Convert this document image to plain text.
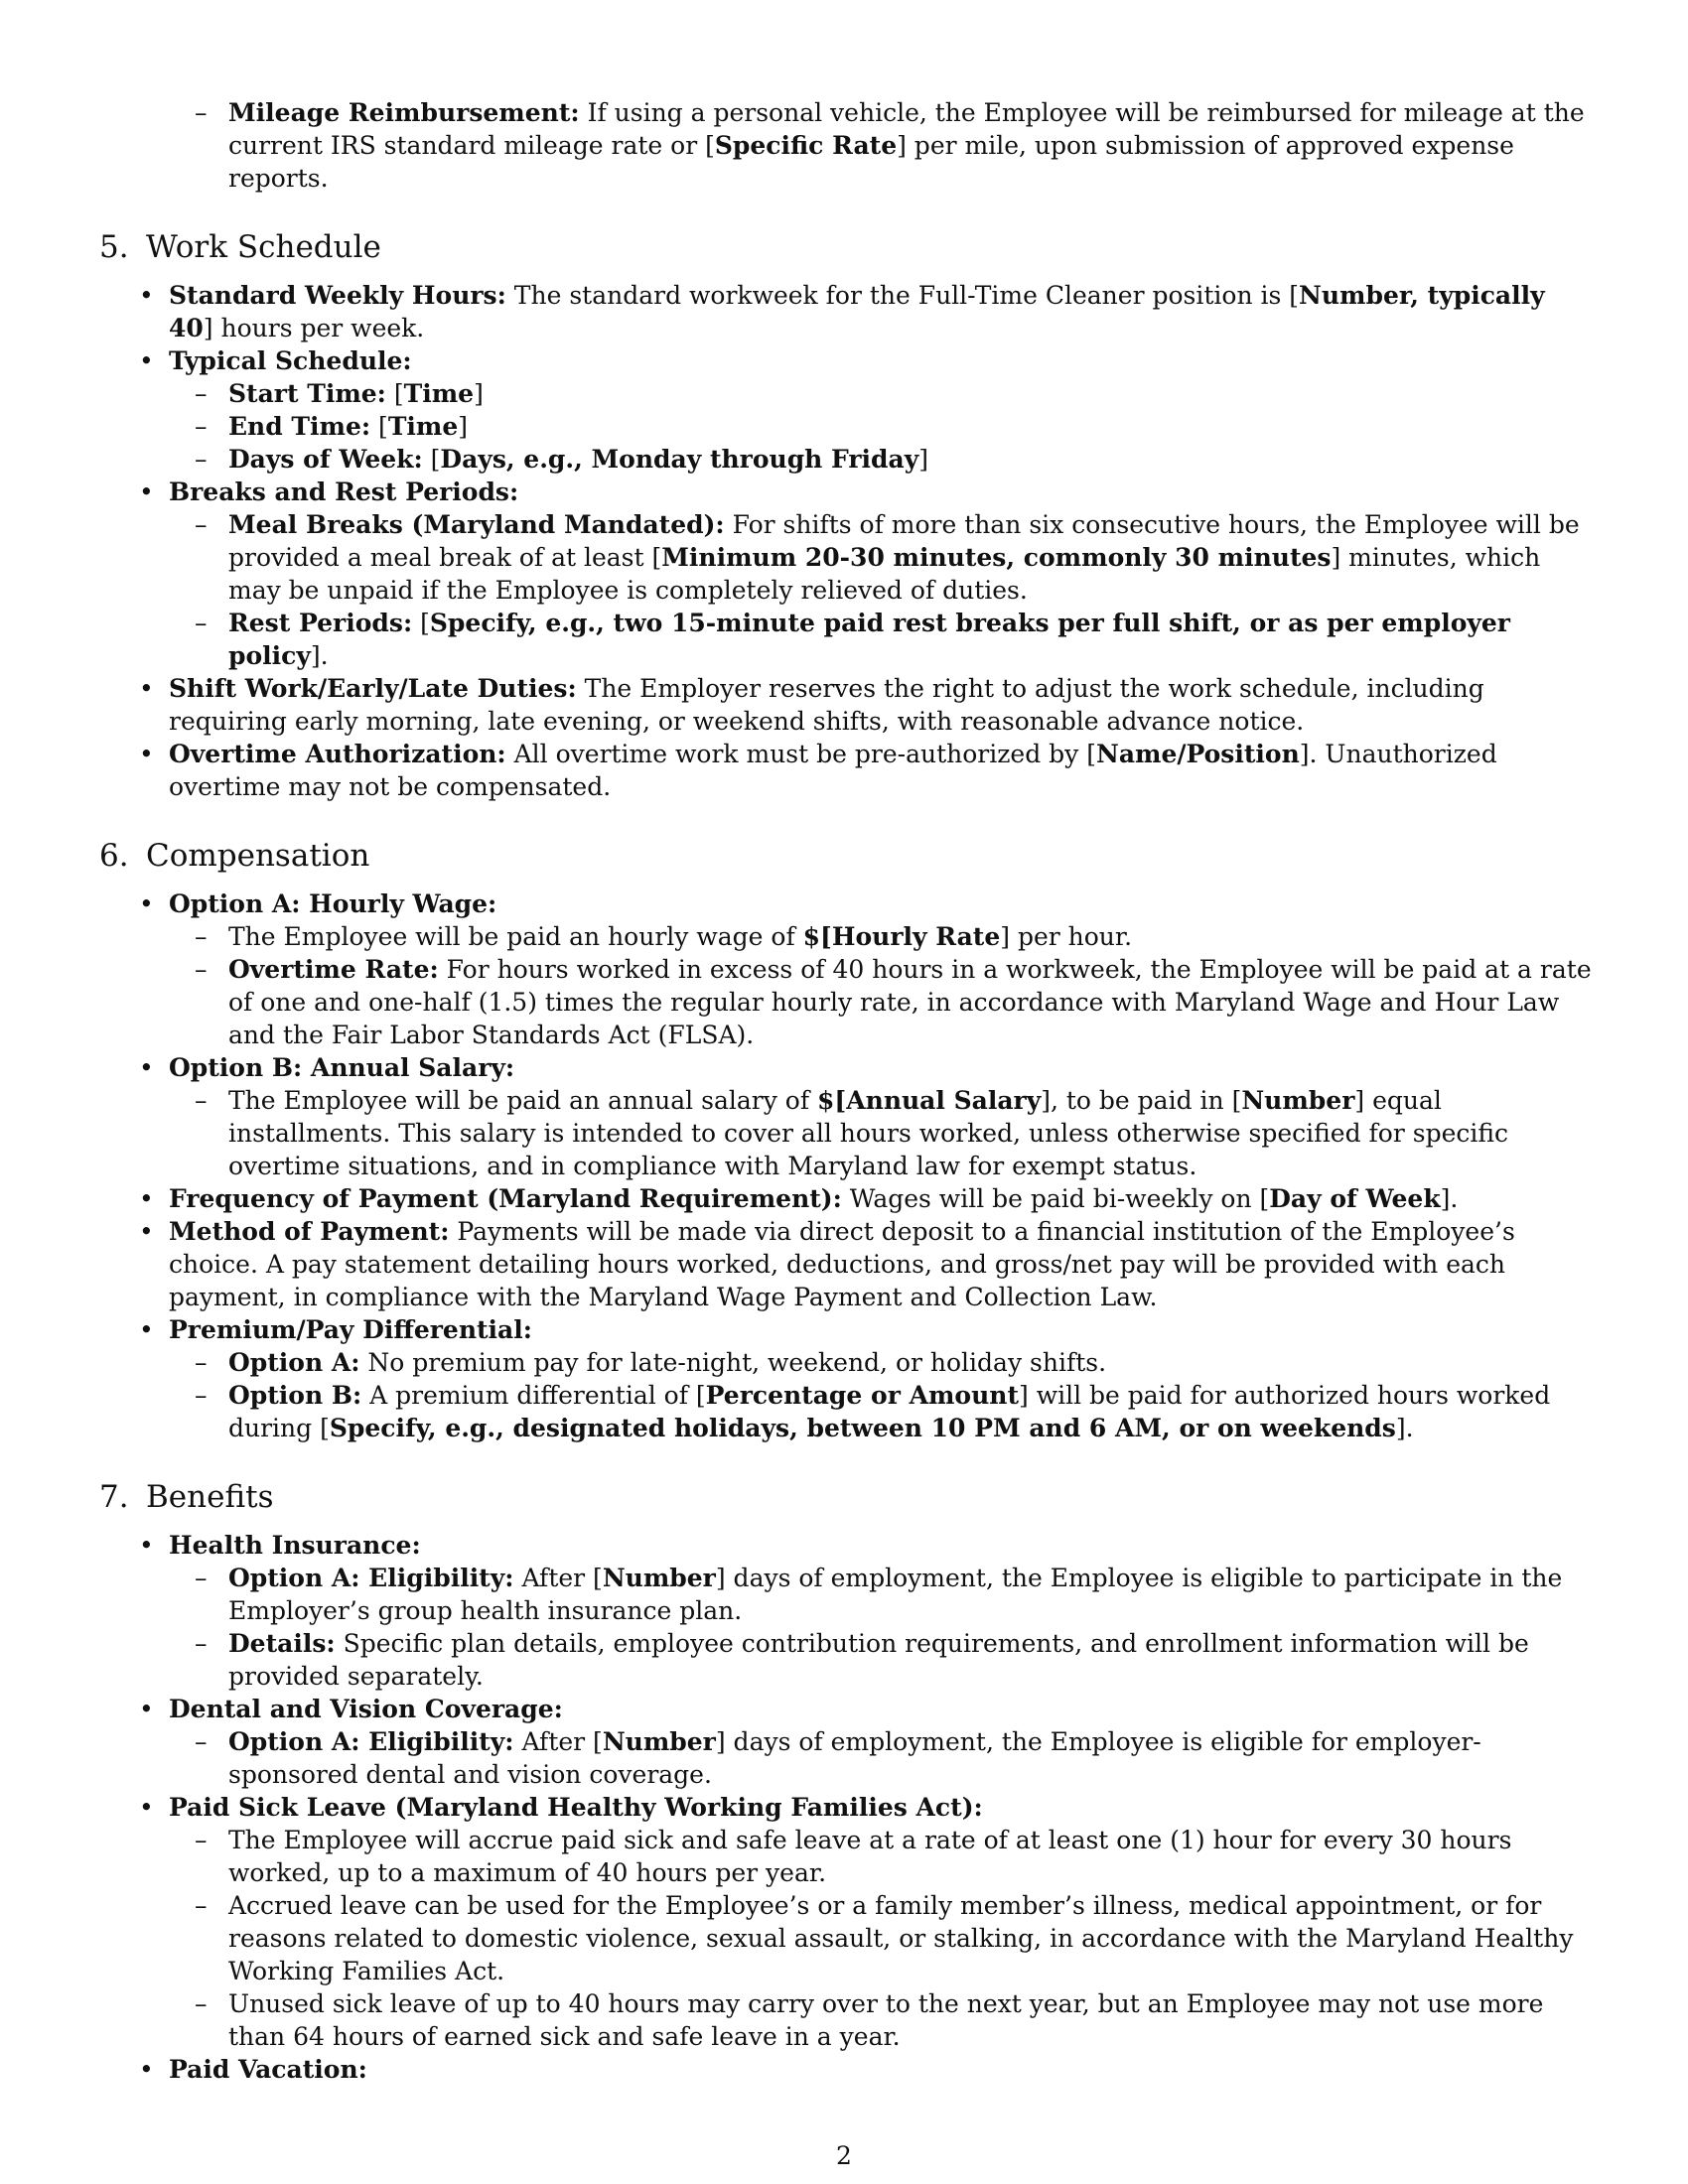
– Mileage Reimbursement: If using a personal vehicle, the Employee will be reimbursed for mileage at the current IRS standard mileage rate or [Specific Rate] per mile, upon submission of approved expense reports.
5. Work Schedule
• Standard Weekly Hours: The standard workweek for the Full-Time Cleaner position is [Number, typically 40] hours per week.
• Typical Schedule:
– Start Time: [Time]
– End Time: [Time]
– Days of Week: [Days, e.g., Monday through Friday]
• Breaks and Rest Periods:
– Meal Breaks (Maryland Mandated): For shifts of more than six consecutive hours, the Employee will be provided a meal break of at least [Minimum 20-30 minutes, commonly 30 minutes] minutes, which may be unpaid if the Employee is completely relieved of duties.
– Rest Periods: [Specify, e.g., two 15-minute paid rest breaks per full shift, or as per employer policy].
• Shift Work/Early/Late Duties: The Employer reserves the right to adjust the work schedule, including requiring early morning, late evening, or weekend shifts, with reasonable advance notice.
• Overtime Authorization: All overtime work must be pre-authorized by [Name/Position]. Unauthorized overtime may not be compensated.
6. Compensation
• Option A: Hourly Wage:
– The Employee will be paid an hourly wage of $[Hourly Rate] per hour.
– Overtime Rate: For hours worked in excess of 40 hours in a workweek, the Employee will be paid at a rate of one and one-half (1.5) times the regular hourly rate, in accordance with Maryland Wage and Hour Law and the Fair Labor Standards Act (FLSA).
• Option B: Annual Salary:
– The Employee will be paid an annual salary of $[Annual Salary], to be paid in [Number] equal installments. This salary is intended to cover all hours worked, unless otherwise specified for specific overtime situations, and in compliance with Maryland law for exempt status.
• Frequency of Payment (Maryland Requirement): Wages will be paid bi-weekly on [Day of Week].
• Method of Payment: Payments will be made via direct deposit to a financial institution of the Employee’s choice. A pay statement detailing hours worked, deductions, and gross/net pay will be provided with each payment, in compliance with the Maryland Wage Payment and Collection Law.
• Premium/Pay Differential:
– Option A: No premium pay for late-night, weekend, or holiday shifts.
– Option B: A premium differential of [Percentage or Amount] will be paid for authorized hours worked during [Specify, e.g., designated holidays, between 10 PM and 6 AM, or on weekends].
7. Benefits
• Health Insurance:
– Option A: Eligibility: After [Number] days of employment, the Employee is eligible to participate in the Employer’s group health insurance plan.
– Details: Specific plan details, employee contribution requirements, and enrollment information will be provided separately.
• Dental and Vision Coverage:
– Option A: Eligibility: After [Number] days of employment, the Employee is eligible for employer-sponsored dental and vision coverage.
• Paid Sick Leave (Maryland Healthy Working Families Act):
– The Employee will accrue paid sick and safe leave at a rate of at least one (1) hour for every 30 hours worked, up to a maximum of 40 hours per year.
– Accrued leave can be used for the Employee’s or a family member’s illness, medical appointment, or for reasons related to domestic violence, sexual assault, or stalking, in accordance with the Maryland Healthy Working Families Act.
– Unused sick leave of up to 40 hours may carry over to the next year, but an Employee may not use more than 64 hours of earned sick and safe leave in a year.
• Paid Vacation:
2
